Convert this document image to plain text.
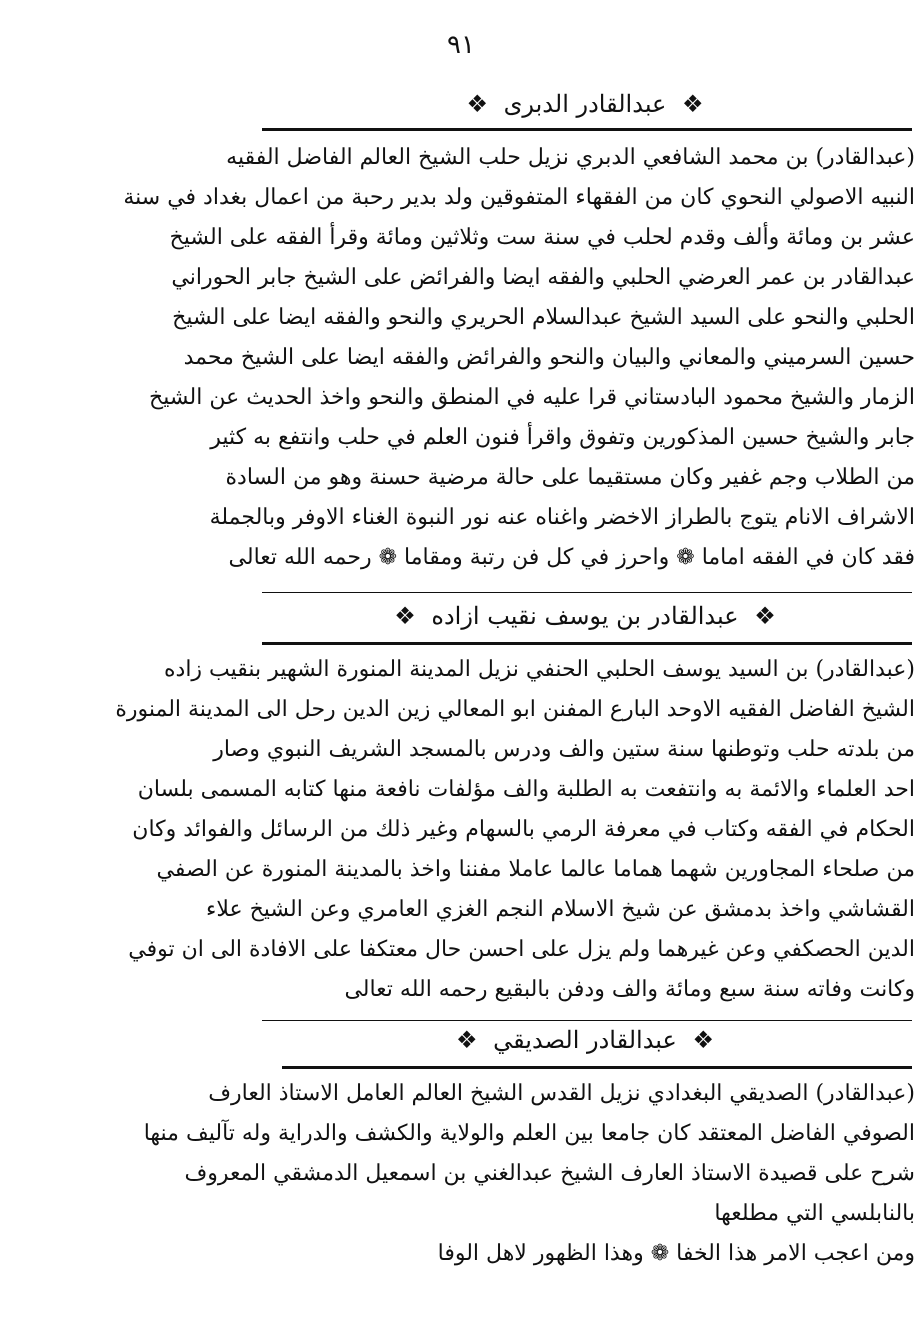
٩١
❖ عبدالقادر الدبرى ❖
(عبدالقادر) بن محمد الشافعي الدبري نزيل حلب الشيخ العالم الفاضل الفقيه
النبيه الاصولي النحوي كان من الفقهاء المتفوقين ولد بدير رحبة من اعمال بغداد في سنة
عشر بن ومائة وألف وقدم لحلب في سنة ست وثلاثين ومائة وقرأ الفقه على الشيخ
عبدالقادر بن عمر العرضي الحلبي والفقه ايضا والفرائض على الشيخ جابر الحوراني
الحلبي والنحو على السيد الشيخ عبدالسلام الحريري والنحو والفقه ايضا على الشيخ
حسين السرميني والمعاني والبيان والنحو والفرائض والفقه ايضا على الشيخ محمد
الزمار والشيخ محمود البادستاني قرا عليه في المنطق والنحو واخذ الحديث عن الشيخ
جابر والشيخ حسين المذكورين وتفوق واقرأ فنون العلم في حلب وانتفع به كثير
من الطلاب وجم غفير وكان مستقيما على حالة مرضية حسنة وهو من السادة
الاشراف الانام يتوج بالطراز الاخضر واغناه عنه نور النبوة الغناء الاوفر وبالجملة
فقد كان في الفقه اماما ❁ واحرز في كل فن رتبة ومقاما ❁ رحمه الله تعالى
❖ عبدالقادر بن يوسف نقيب ازاده ❖
(عبدالقادر) بن السيد يوسف الحلبي الحنفي نزيل المدينة المنورة الشهير بنقيب زاده
الشيخ الفاضل الفقيه الاوحد البارع المفنن ابو المعالي زين الدين رحل الى المدينة المنورة
من بلدته حلب وتوطنها سنة ستين والف ودرس بالمسجد الشريف النبوي وصار
احد العلماء والائمة به وانتفعت به الطلبة والف مؤلفات نافعة منها كتابه المسمى بلسان
الحكام في الفقه وكتاب في معرفة الرمي بالسهام وغير ذلك من الرسائل والفوائد وكان
من صلحاء المجاورين شهما هماما عالما عاملا مفننا واخذ بالمدينة المنورة عن الصفي
القشاشي واخذ بدمشق عن شيخ الاسلام النجم الغزي العامري وعن الشيخ علاء
الدين الحصكفي وعن غيرهما ولم يزل على احسن حال معتكفا على الافادة الى ان توفي
وكانت وفاته سنة سبع ومائة والف ودفن بالبقيع رحمه الله تعالى
❖ عبدالقادر الصديقي ❖
(عبدالقادر) الصديقي البغدادي نزيل القدس الشيخ العالم العامل الاستاذ العارف
الصوفي الفاضل المعتقد كان جامعا بين العلم والولاية والكشف والدراية وله تآليف منها
شرح على قصيدة الاستاذ العارف الشيخ عبدالغني بن اسمعيل الدمشقي المعروف
بالنابلسي التي مطلعها
ومن اعجب الامر هذا الخفا ❁ وهذا الظهور لاهل الوفا
